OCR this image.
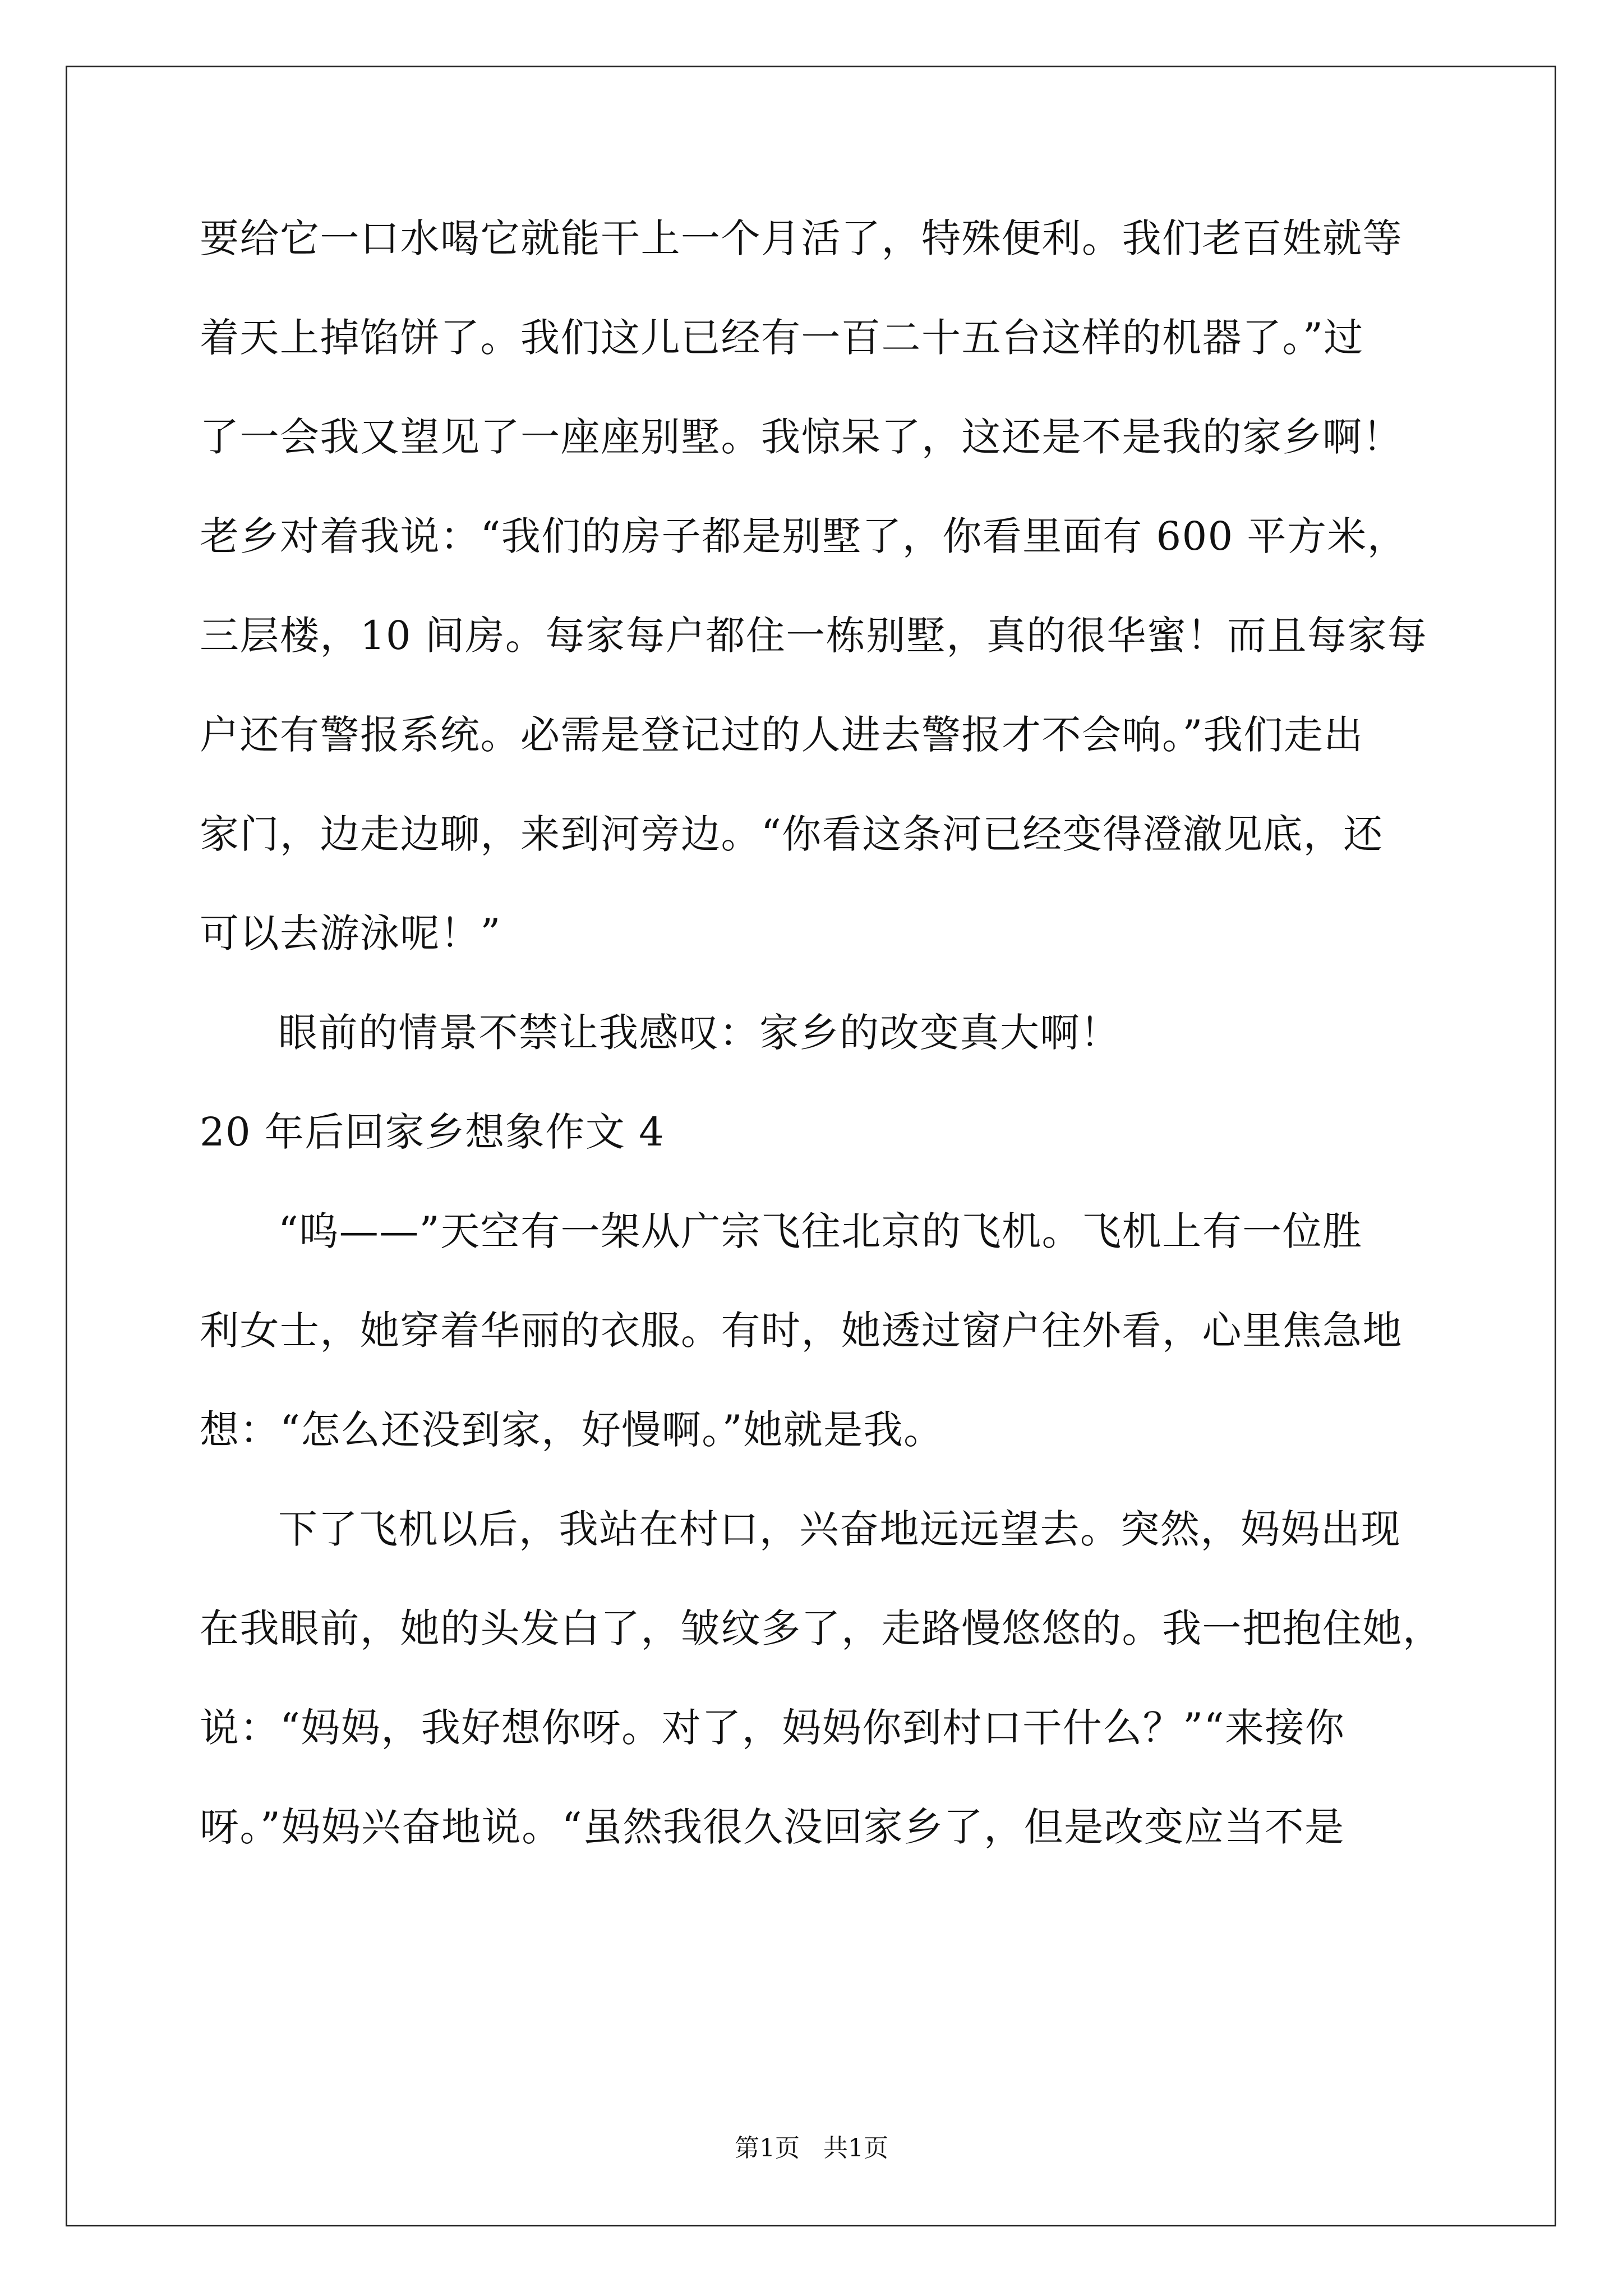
要给它一口水喝它就能干上一个月活了，特殊便利。我们老百姓就等
着天上掉馅饼了。我们这儿已经有一百二十五台这样的机器了。”过
了一会我又望见了一座座别墅。我惊呆了，这还是不是我的家乡啊！
老乡对着我说：“我们的房子都是别墅了，你看里面有 600 平方米，
三层楼，10 间房。每家每户都住一栋别墅，真的很华蜜！而且每家每
户还有警报系统。必需是登记过的人进去警报才不会响。”我们走出
家门，边走边聊，来到河旁边。“你看这条河已经变得澄澈见底，还
可以去游泳呢！”
眼前的情景不禁让我感叹：家乡的改变真大啊！
20 年后回家乡想象作文 4
“呜——”天空有一架从广宗飞往北京的飞机。飞机上有一位胜
利女士，她穿着华丽的衣服。有时，她透过窗户往外看，心里焦急地
想：“怎么还没到家，好慢啊。”她就是我。
下了飞机以后，我站在村口，兴奋地远远望去。突然，妈妈出现
在我眼前，她的头发白了，皱纹多了，走路慢悠悠的。我一把抱住她，
说：“妈妈，我好想你呀。对了，妈妈你到村口干什么？”“来接你
呀。”妈妈兴奋地说。“虽然我很久没回家乡了，但是改变应当不是
第1页   共1页
